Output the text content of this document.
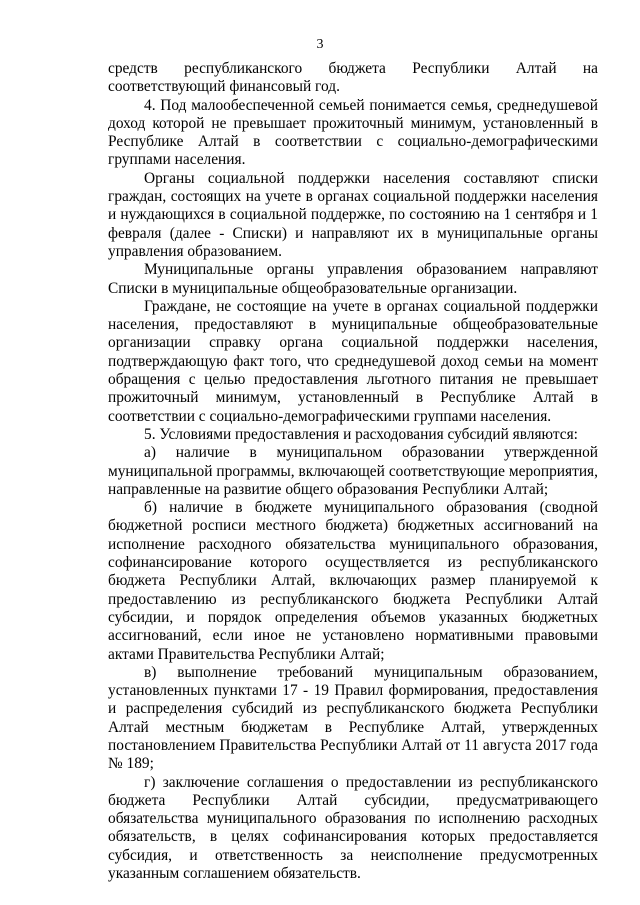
3

средств республиканского бюджета Республики Алтай на соответствующий финансовый год.

4. Под малообеспеченной семьей понимается семья, среднедушевой доход которой не превышает прожиточный минимум, установленный в Республике Алтай в соответствии с социально-демографическими группами населения.

Органы социальной поддержки населения составляют списки граждан, состоящих на учете в органах социальной поддержки населения и нуждающихся в социальной поддержке, по состоянию на 1 сентября и 1 февраля (далее - Списки) и направляют их в муниципальные органы управления образованием.

Муниципальные органы управления образованием направляют Списки в муниципальные общеобразовательные организации.

Граждане, не состоящие на учете в органах социальной поддержки населения, предоставляют в муниципальные общеобразовательные организации справку органа социальной поддержки населения, подтверждающую факт того, что среднедушевой доход семьи на момент обращения с целью предоставления льготного питания не превышает прожиточный минимум, установленный в Республике Алтай в соответствии с социально-демографическими группами населения.

5. Условиями предоставления и расходования субсидий являются:

а) наличие в муниципальном образовании утвержденной муниципальной программы, включающей соответствующие мероприятия, направленные на развитие общего образования Республики Алтай;

б) наличие в бюджете муниципального образования (сводной бюджетной росписи местного бюджета) бюджетных ассигнований на исполнение расходного обязательства муниципального образования, софинансирование которого осуществляется из республиканского бюджета Республики Алтай, включающих размер планируемой к предоставлению из республиканского бюджета Республики Алтай субсидии, и порядок определения объемов указанных бюджетных ассигнований, если иное не установлено нормативными правовыми актами Правительства Республики Алтай;

в) выполнение требований муниципальным образованием, установленных пунктами 17 - 19 Правил формирования, предоставления и распределения субсидий из республиканского бюджета Республики Алтай местным бюджетам в Республике Алтай, утвержденных постановлением Правительства Республики Алтай от 11 августа 2017 года № 189;

г) заключение соглашения о предоставлении из республиканского бюджета Республики Алтай субсидии, предусматривающего обязательства муниципального образования по исполнению расходных обязательств, в целях софинансирования которых предоставляется субсидия, и ответственность за неисполнение предусмотренных указанным соглашением обязательств.
